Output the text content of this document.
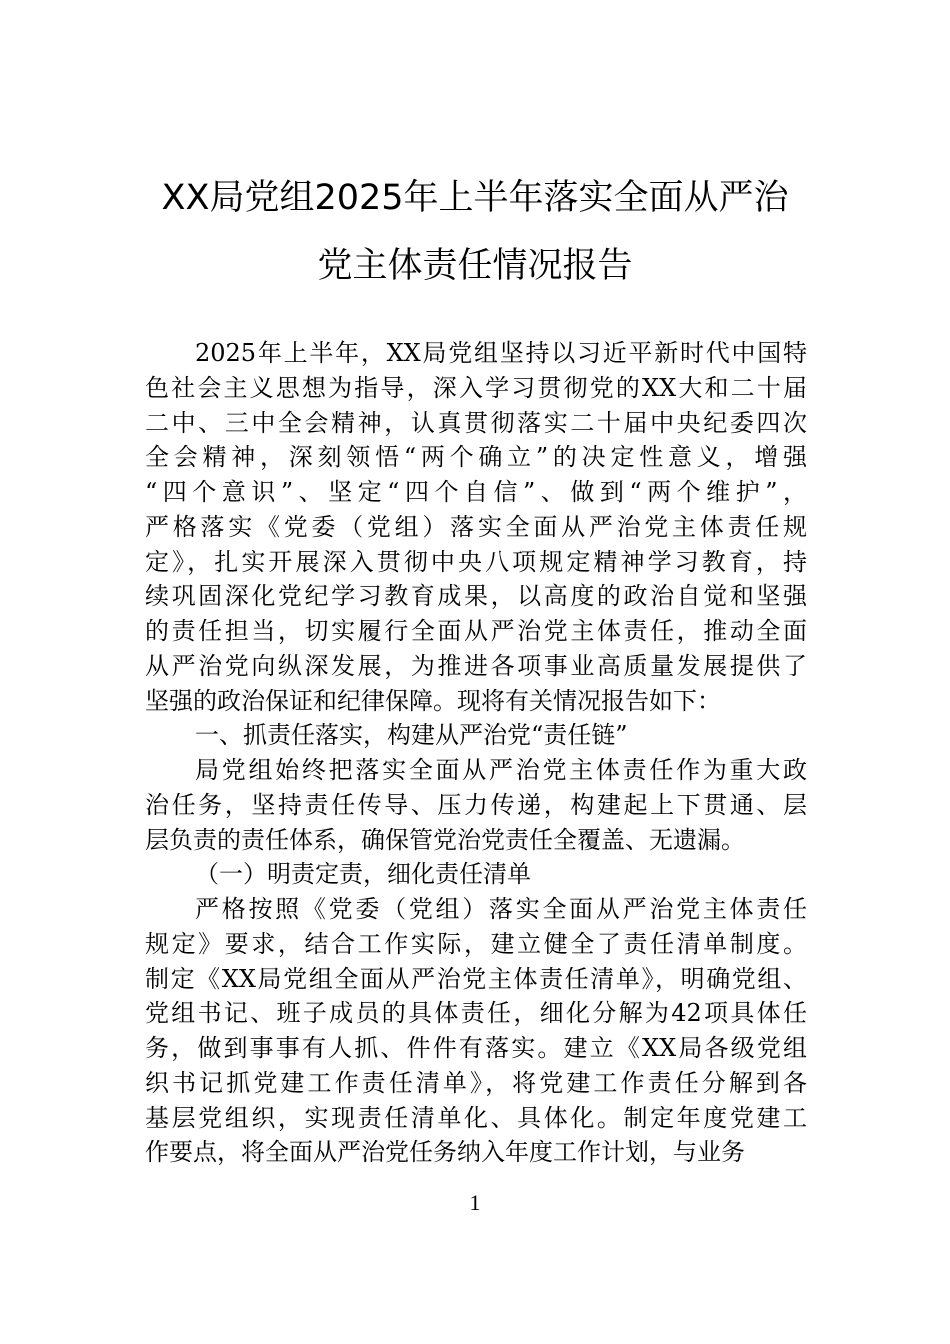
XX局党组2025年上半年落实全面从严治
党主体责任情况报告
2025年上半年，XX局党组坚持以习近平新时代中国特
色社会主义思想为指导，深入学习贯彻党的XX大和二十届
二中、三中全会精神，认真贯彻落实二十届中央纪委四次
全会精神，深刻领悟“两个确立”的决定性意义，增强
“四个意识”、坚定“四个自信”、做到“两个维护”，
严格落实《党委（党组）落实全面从严治党主体责任规
定》，扎实开展深入贯彻中央八项规定精神学习教育，持
续巩固深化党纪学习教育成果，以高度的政治自觉和坚强
的责任担当，切实履行全面从严治党主体责任，推动全面
从严治党向纵深发展，为推进各项事业高质量发展提供了
坚强的政治保证和纪律保障。现将有关情况报告如下：
一、抓责任落实，构建从严治党“责任链”
局党组始终把落实全面从严治党主体责任作为重大政
治任务，坚持责任传导、压力传递，构建起上下贯通、层
层负责的责任体系，确保管党治党责任全覆盖、无遗漏。
（一）明责定责，细化责任清单
严格按照《党委（党组）落实全面从严治党主体责任
规定》要求，结合工作实际，建立健全了责任清单制度。
制定《XX局党组全面从严治党主体责任清单》，明确党组、
党组书记、班子成员的具体责任，细化分解为42项具体任
务，做到事事有人抓、件件有落实。建立《XX局各级党组
织书记抓党建工作责任清单》，将党建工作责任分解到各
基层党组织，实现责任清单化、具体化。制定年度党建工
作要点，将全面从严治党任务纳入年度工作计划，与业务
1
